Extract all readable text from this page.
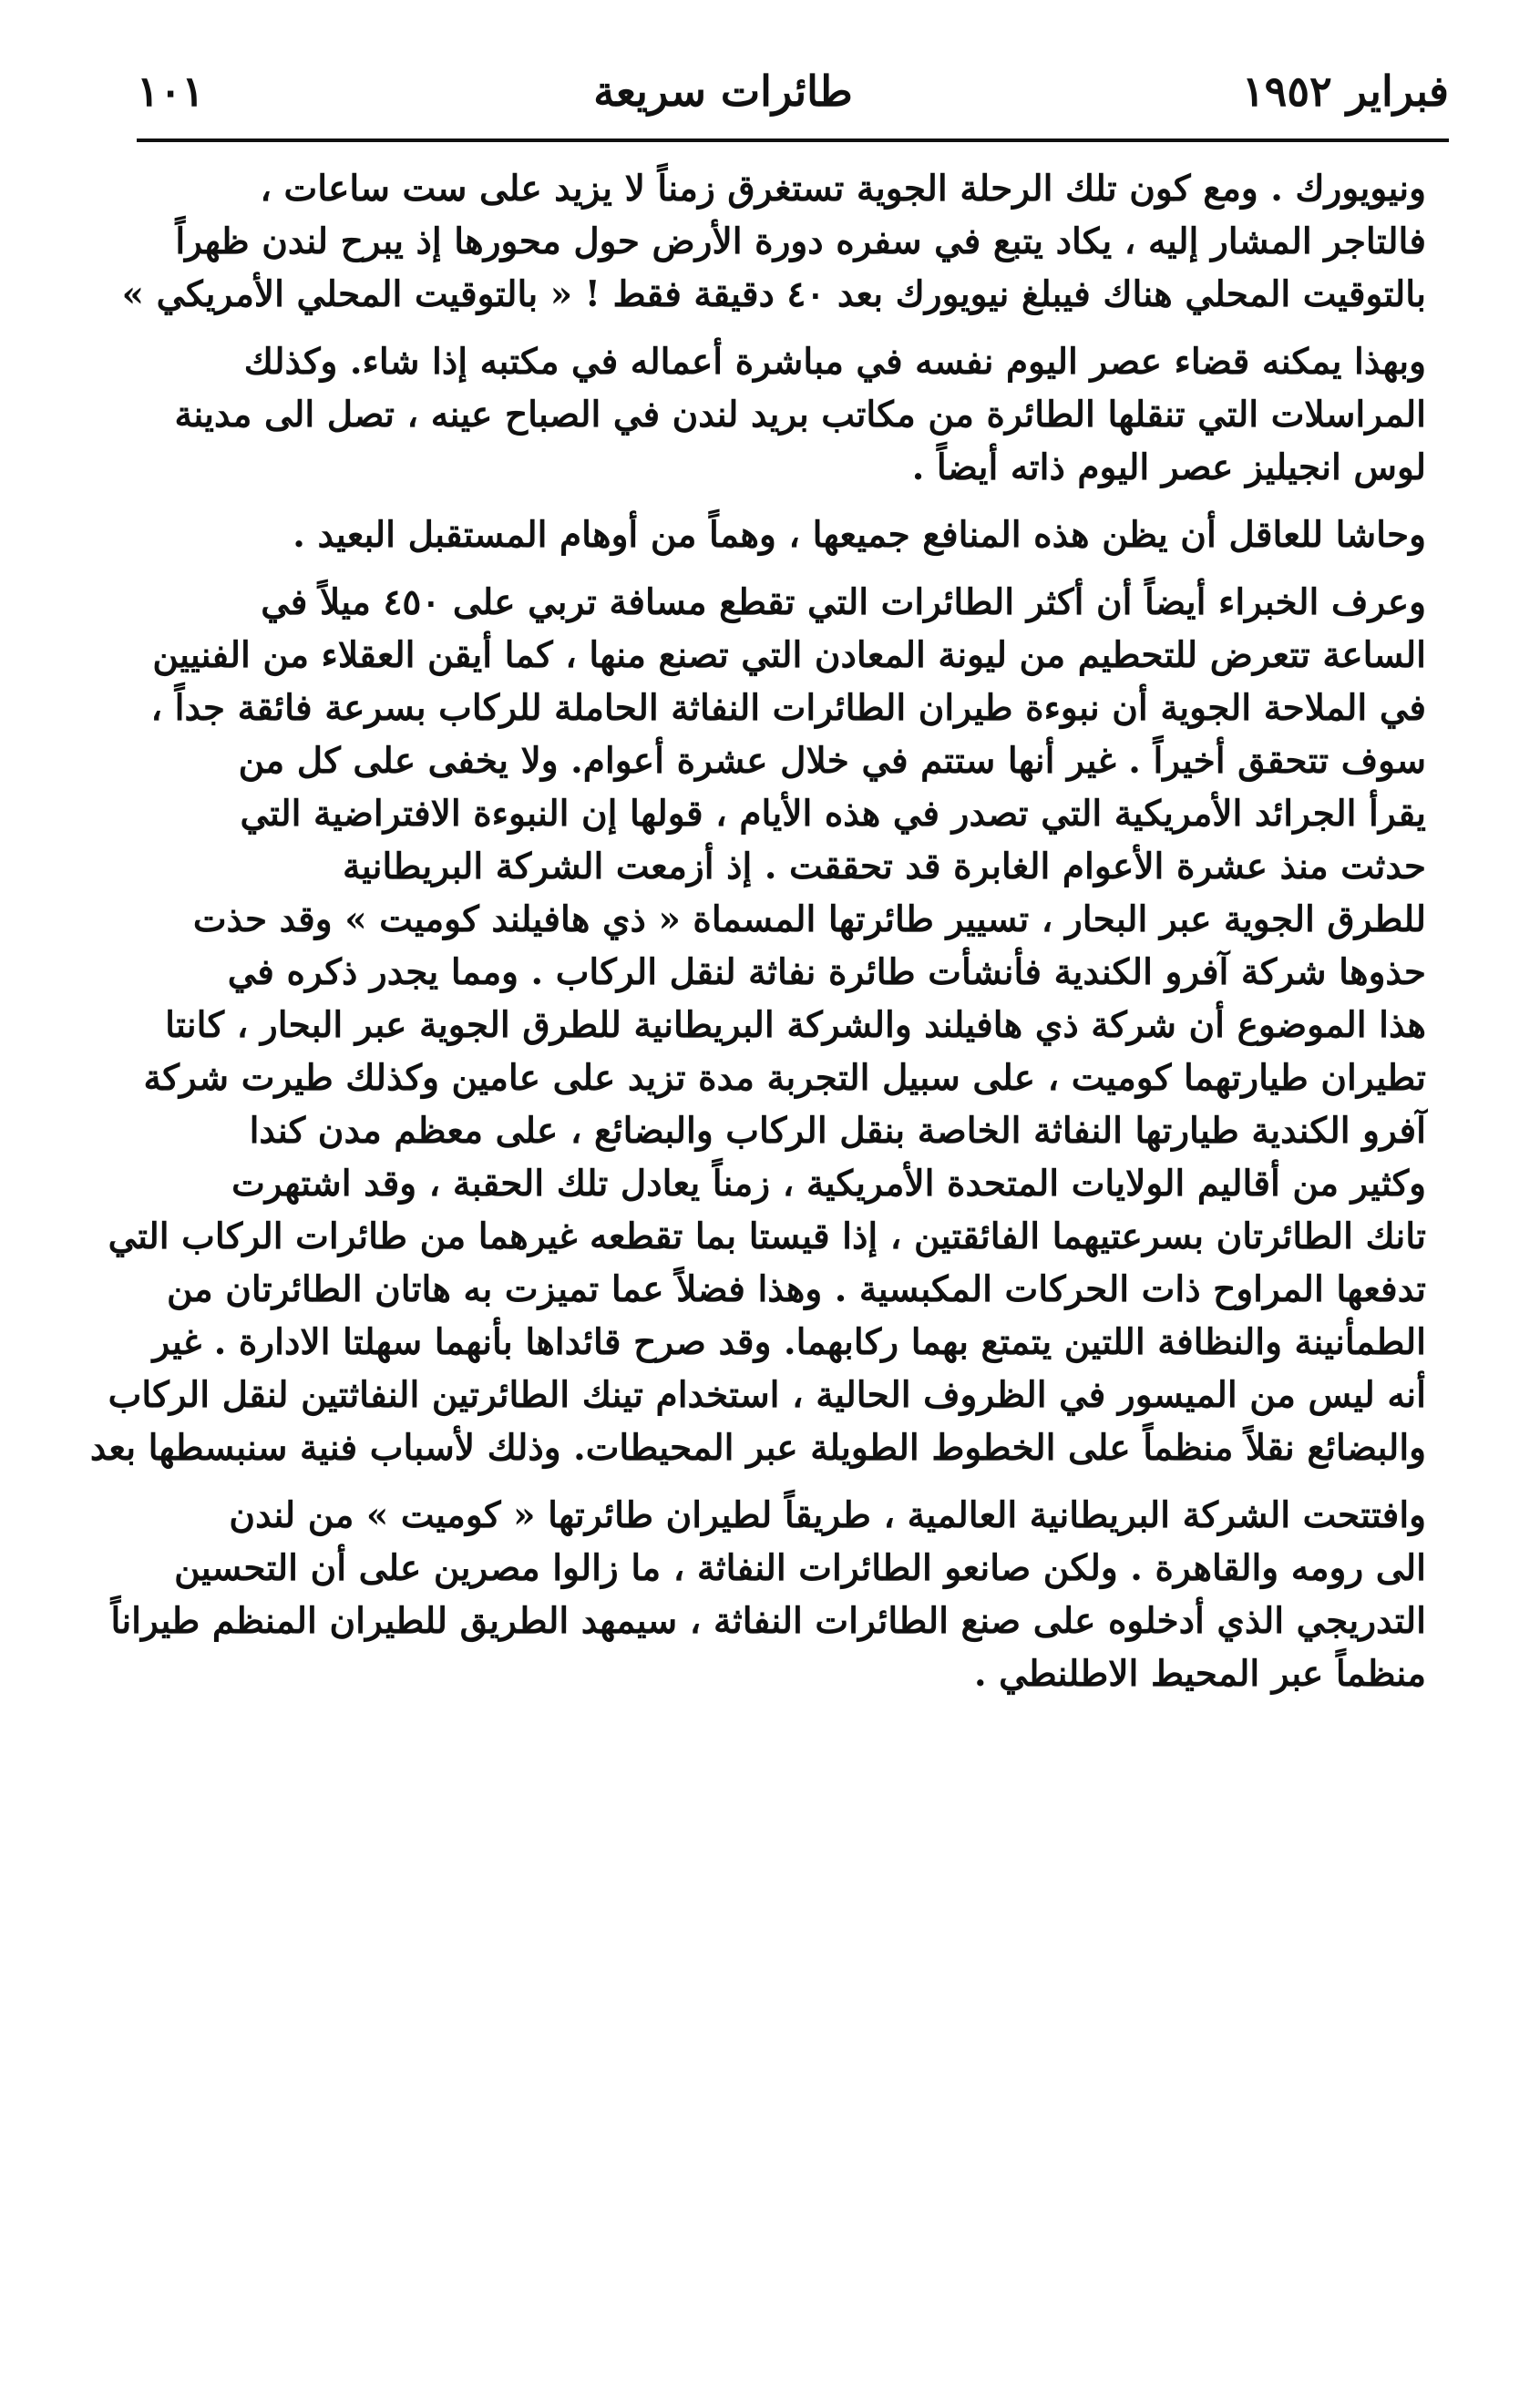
فبراير ١٩٥٢
طائرات سريعة
١٠١

ونيويورك . ومع كون تلك الرحلة الجوية تستغرق زمناً لا يزيد على ست ساعات ،
فالتاجر المشار إليه ، يكاد يتبع في سفره دورة الأرض حول محورها إذ يبرح لندن ظهراً
بالتوقيت المحلي هناك فيبلغ نيويورك بعد ٤٠ دقيقة فقط ! « بالتوقيت المحلي الأمريكي »

وبهذا يمكنه قضاء عصر اليوم نفسه في مباشرة أعماله في مكتبه إذا شاء. وكذلك
المراسلات التي تنقلها الطائرة من مكاتب بريد لندن في الصباح عينه ، تصل الى مدينة
لوس انجيليز عصر اليوم ذاته أيضاً .

وحاشا للعاقل أن يظن هذه المنافع جميعها ، وهماً من أوهام المستقبل البعيد .

وعرف الخبراء أيضاً أن أكثر الطائرات التي تقطع مسافة تربي على ٤٥٠ ميلاً في
الساعة تتعرض للتحطيم من ليونة المعادن التي تصنع منها ، كما أيقن العقلاء من الفنيين
في الملاحة الجوية أن نبوءة طيران الطائرات النفاثة الحاملة للركاب بسرعة فائقة جداً ،
سوف تتحقق أخيراً . غير أنها ستتم في خلال عشرة أعوام. ولا يخفى على كل من
يقرأ الجرائد الأمريكية التي تصدر في هذه الأيام ، قولها إن النبوءة الافتراضية التي
حدثت منذ عشرة الأعوام الغابرة قد تحققت . إذ أزمعت الشركة البريطانية
للطرق الجوية عبر البحار ، تسيير طائرتها المسماة « ذي هافيلند كوميت » وقد حذت
حذوها شركة آفرو الكندية فأنشأت طائرة نفاثة لنقل الركاب . ومما يجدر ذكره في
هذا الموضوع أن شركة ذي هافيلند والشركة البريطانية للطرق الجوية عبر البحار ، كانتا
تطيران طيارتهما كوميت ، على سبيل التجربة مدة تزيد على عامين وكذلك طيرت شركة
آفرو الكندية طيارتها النفاثة الخاصة بنقل الركاب والبضائع ، على معظم مدن كندا
وكثير من أقاليم الولايات المتحدة الأمريكية ، زمناً يعادل تلك الحقبة ، وقد اشتهرت
تانك الطائرتان بسرعتيهما الفائقتين ، إذا قيستا بما تقطعه غيرهما من طائرات الركاب التي
تدفعها المراوح ذات الحركات المكبسية . وهذا فضلاً عما تميزت به هاتان الطائرتان من
الطمأنينة والنظافة اللتين يتمتع بهما ركابهما. وقد صرح قائداها بأنهما سهلتا الادارة . غير
أنه ليس من الميسور في الظروف الحالية ، استخدام تينك الطائرتين النفاثتين لنقل الركاب
والبضائع نقلاً منظماً على الخطوط الطويلة عبر المحيطات. وذلك لأسباب فنية سنبسطها بعد

وافتتحت الشركة البريطانية العالمية ، طريقاً لطيران طائرتها « كوميت » من لندن
الى رومه والقاهرة . ولكن صانعو الطائرات النفاثة ، ما زالوا مصرين على أن التحسين
التدريجي الذي أدخلوه على صنع الطائرات النفاثة ، سيمهد الطريق للطيران المنظم طيراناً
منظماً عبر المحيط الاطلنطي .
